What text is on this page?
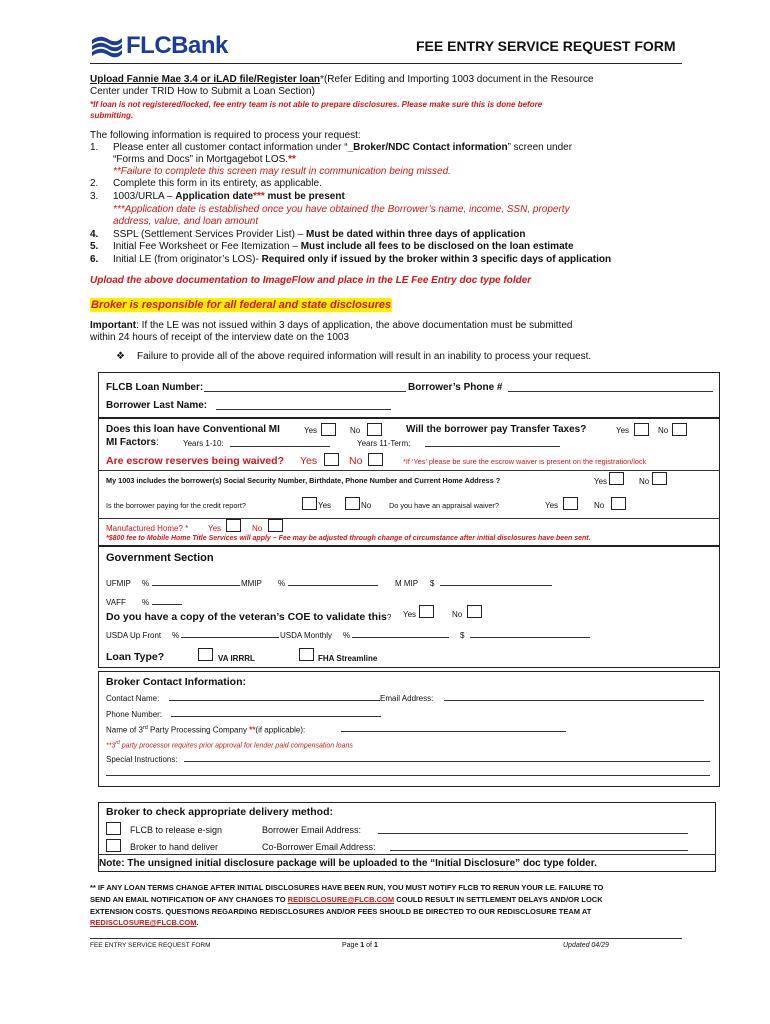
FLCBank	FEE ENTRY SERVICE REQUEST FORM
Upload Fannie Mae 3.4 or iLAD file/Register loan*(Refer Editing and Importing 1003 document in the Resource
Center under TRID How to Submit a Loan Section)
*If loan is not registered/locked, fee entry team is not able to prepare disclosures. Please make sure this is done before
submitting.
The following information is required to process your request:
1. Please enter all customer contact information under “_Broker/NDC Contact information” screen under
“Forms and Docs” in Mortgagebot LOS.**
**Failure to complete this screen may result in communication being missed.
2. Complete this form in its entirety, as applicable.
3. 1003/URLA – Application date*** must be present
***Application date is established once you have obtained the Borrower’s name, income, SSN, property
address, value, and loan amount
4. SSPL (Settlement Services Provider List) – Must be dated within three days of application
5. Initial Fee Worksheet or Fee Itemization – Must include all fees to be disclosed on the loan estimate
6. Initial LE (from originator’s LOS)- Required only if issued by the broker within 3 specific days of application
Upload the above documentation to ImageFlow and place in the LE Fee Entry doc type folder
Broker is responsible for all federal and state disclosures
Important: If the LE was not issued within 3 days of application, the above documentation must be submitted
within 24 hours of receipt of the interview date on the 1003
❖ Failure to provide all of the above required information will result in an inability to process your request.
FLCB Loan Number:	Borrower’s Phone #
Borrower Last Name:
Does this loan have Conventional MI	Yes	No	Will the borrower pay Transfer Taxes?	Yes	No
MI Factors:	Years 1-10:	Years 11-Term:
Are escrow reserves being waived? Yes	No	*If ‘Yes’ please be sure the escrow waiver is present on the registration/lock
My 1003 includes the borrower(s) Social Security Number, Birthdate, Phone Number and Current Home Address ?	Yes	No
Is the borrower paying for the credit report?	Yes	No Do you have an appraisal waiver?	Yes	No
Manufactured Home? * Yes	No
*$800 fee to Mobile Home Title Services will apply – Fee may be adjusted through change of circumstance after initial disclosures have been sent.
Government Section
UFMIP %	MMIP %	M MIP $
VAFF %
Do you have a copy of the veteran’s COE to validate this? Yes	No
USDA Up Front %	USDA Monthly %	$
Loan Type?	VA IRRRL	FHA Streamline
Broker Contact Information:
Contact Name:	Email Address:
Phone Number:
Name of 3rd Party Processing Company **(if applicable):
**3rd party processor requires prior approval for lender paid compensation loans
Special Instructions:
Broker to check appropriate delivery method:
FLCB to release e-sign	Borrower Email Address:
Broker to hand deliver	Co-Borrower Email Address:
Note: The unsigned initial disclosure package will be uploaded to the “Initial Disclosure” doc type folder.
** IF ANY LOAN TERMS CHANGE AFTER INITIAL DISCLOSURES HAVE BEEN RUN, YOU MUST NOTIFY FLCB TO RERUN YOUR LE. FAILURE TO
SEND AN EMAIL NOTIFICATION OF ANY CHANGES TO REDISCLOSURE@FLCB.COM COULD RESULT IN SETTLEMENT DELAYS AND/OR LOCK
EXTENSION COSTS. QUESTIONS REGARDING REDISCLOSURES AND/OR FEES SHOULD BE DIRECTED TO OUR REDISCLOSURE TEAM AT
REDISCLOSURE@FLCB.COM.
FEE ENTRY SERVICE REQUEST FORM	Page 1 of 1	Updated 04/29
